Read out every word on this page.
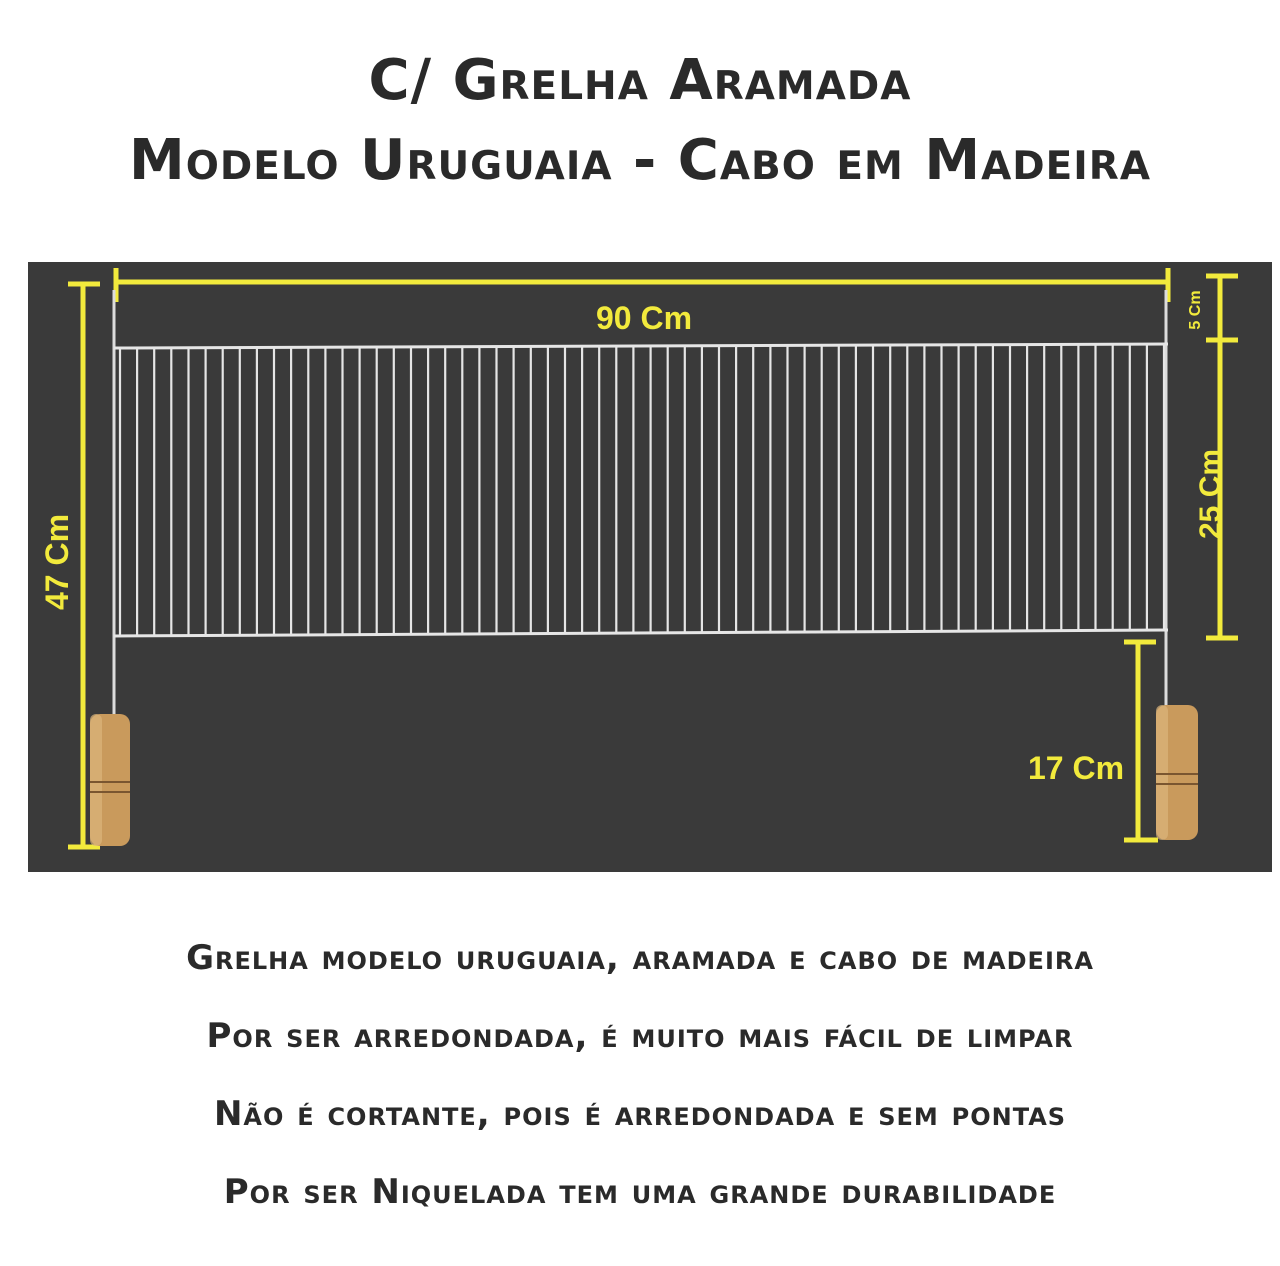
C/ Grelha Aramada
Modelo Uruguaia - Cabo em Madeira
90 Cm
47 Cm
5 Cm
25 Cm
17 Cm
Grelha modelo uruguaia, aramada e cabo de madeira
Por ser arredondada, é muito mais fácil de limpar
Não é cortante, pois é arredondada e sem pontas
Por ser Niquelada tem uma grande durabilidade
